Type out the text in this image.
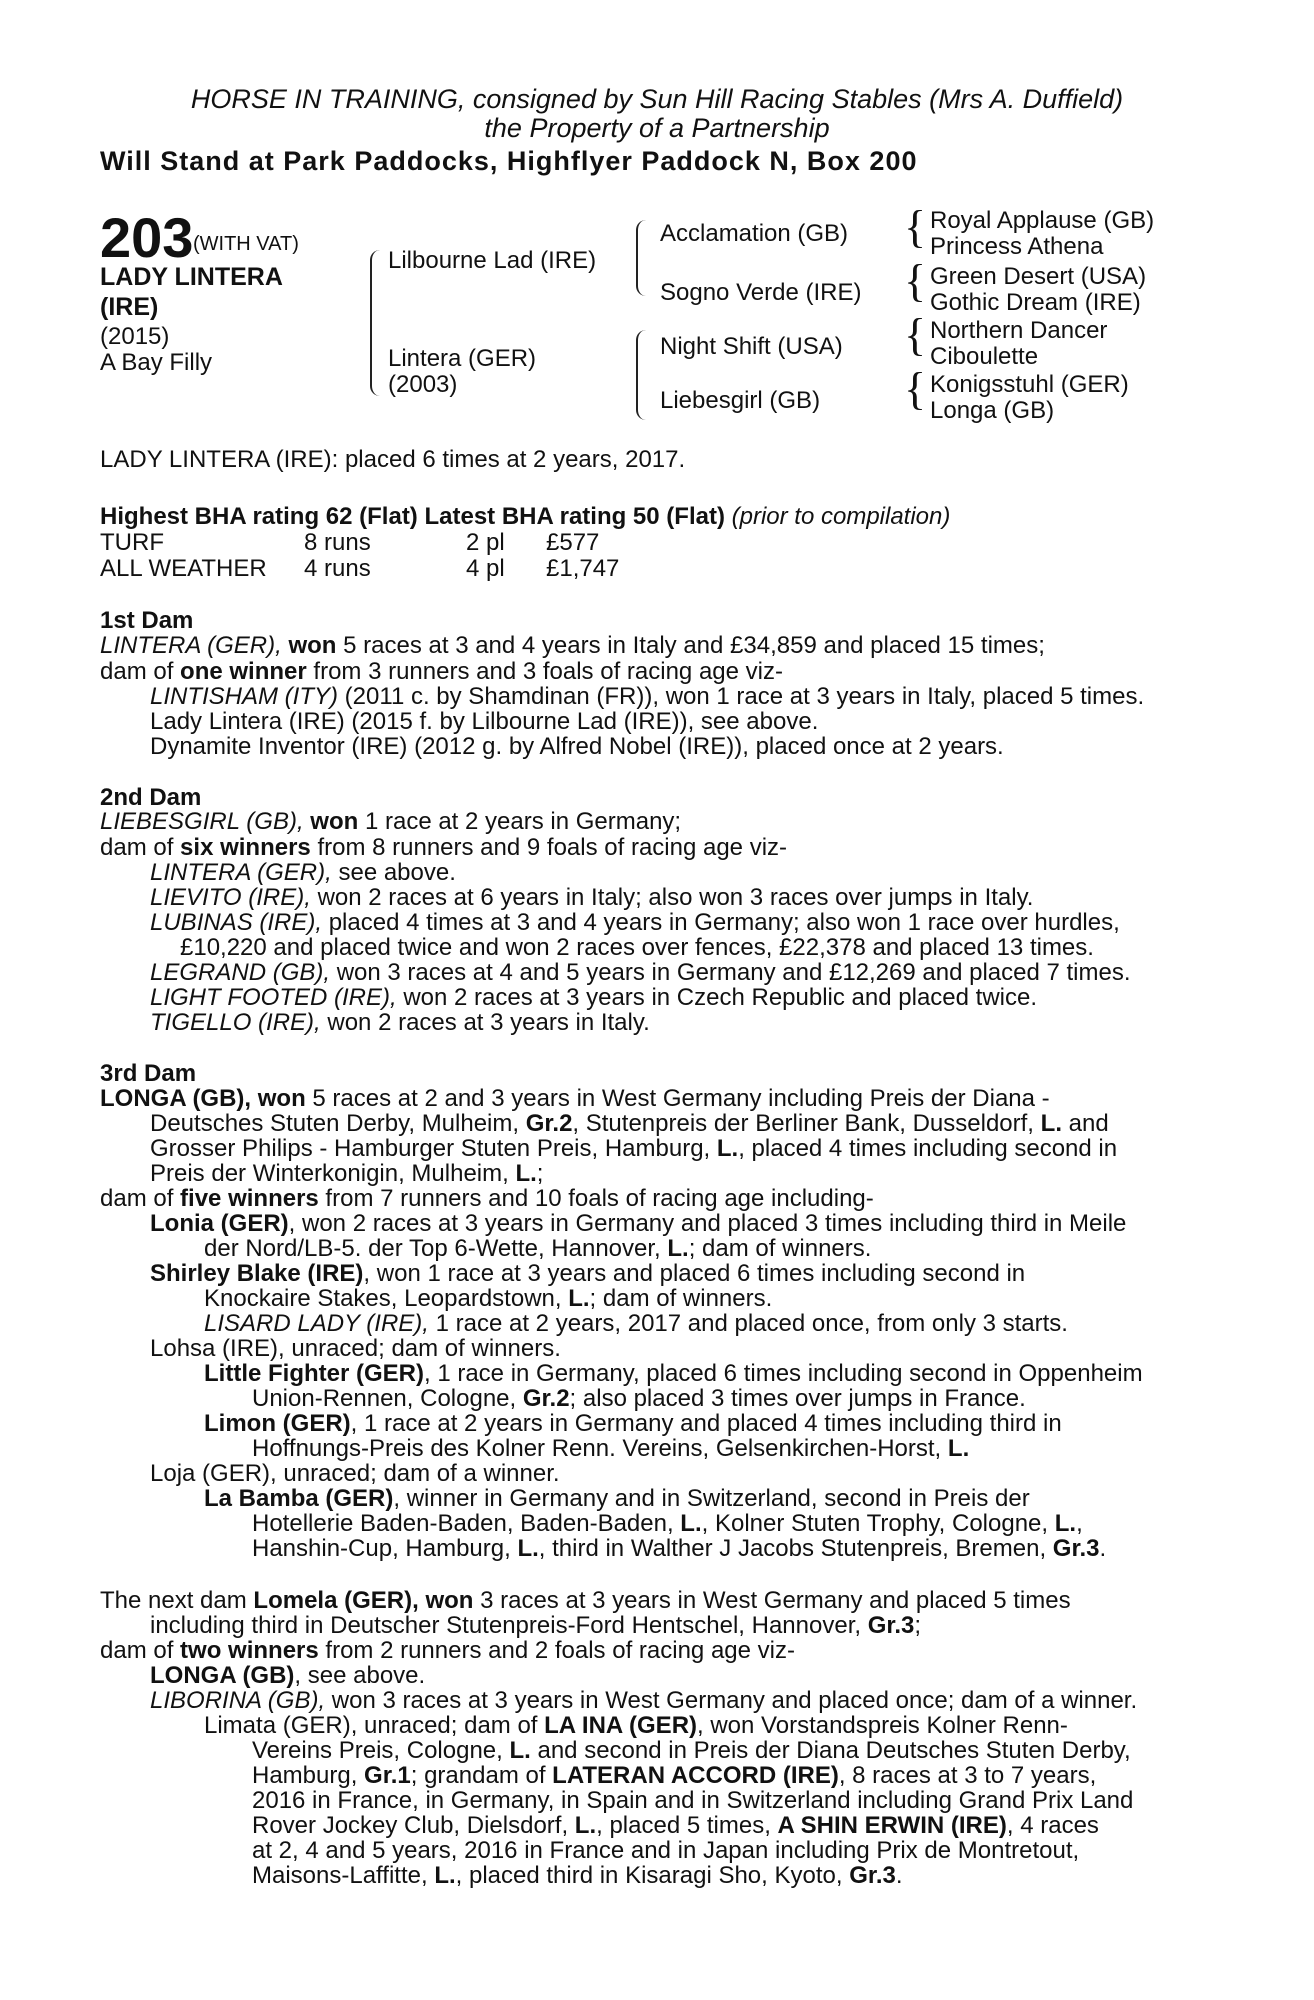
HORSE IN TRAINING, consigned by Sun Hill Racing Stables (Mrs A. Duffield)
the Property of a Partnership
Will Stand at Park Paddocks, Highflyer Paddock N, Box 200
203 (WITH VAT)
LADY LINTERA
(IRE)
(2015)
A Bay Filly
Lilbourne Lad (IRE)
Lintera (GER)
(2003)
Acclamation (GB)
Sogno Verde (IRE)
Night Shift (USA)
Liebesgirl (GB)
{
{
{
{
Royal Applause (GB)
Princess Athena
Green Desert (USA)
Gothic Dream (IRE)
Northern Dancer
Ciboulette
Konigsstuhl (GER)
Longa (GB)
LADY LINTERA (IRE): placed 6 times at 2 years, 2017.
Highest BHA rating 62 (Flat) Latest BHA rating 50 (Flat) (prior to compilation)
TURF	8 runs	2 pl £577
ALL WEATHER 4 runs	4 pl £1,747
1st Dam
LINTERA (GER), won 5 races at 3 and 4 years in Italy and £34,859 and placed 15 times;
dam of one winner from 3 runners and 3 foals of racing age viz-
LINTISHAM (ITY) (2011 c. by Shamdinan (FR)), won 1 race at 3 years in Italy, placed 5 times.
Lady Lintera (IRE) (2015 f. by Lilbourne Lad (IRE)), see above.
Dynamite Inventor (IRE) (2012 g. by Alfred Nobel (IRE)), placed once at 2 years.
2nd Dam
LIEBESGIRL (GB), won 1 race at 2 years in Germany;
dam of six winners from 8 runners and 9 foals of racing age viz-
LINTERA (GER), see above.
LIEVITO (IRE), won 2 races at 6 years in Italy; also won 3 races over jumps in Italy.
LUBINAS (IRE), placed 4 times at 3 and 4 years in Germany; also won 1 race over hurdles,
£10,220 and placed twice and won 2 races over fences, £22,378 and placed 13 times.
LEGRAND (GB), won 3 races at 4 and 5 years in Germany and £12,269 and placed 7 times.
LIGHT FOOTED (IRE), won 2 races at 3 years in Czech Republic and placed twice.
TIGELLO (IRE), won 2 races at 3 years in Italy.
3rd Dam
LONGA (GB), won 5 races at 2 and 3 years in West Germany including Preis der Diana -
Deutsches Stuten Derby, Mulheim, Gr.2, Stutenpreis der Berliner Bank, Dusseldorf, L. and
Grosser Philips - Hamburger Stuten Preis, Hamburg, L., placed 4 times including second in
Preis der Winterkonigin, Mulheim, L.;
dam of five winners from 7 runners and 10 foals of racing age including-
Lonia (GER), won 2 races at 3 years in Germany and placed 3 times including third in Meile
der Nord/LB-5. der Top 6-Wette, Hannover, L.; dam of winners.
Shirley Blake (IRE), won 1 race at 3 years and placed 6 times including second in
Knockaire Stakes, Leopardstown, L.; dam of winners.
LISARD LADY (IRE), 1 race at 2 years, 2017 and placed once, from only 3 starts.
Lohsa (IRE), unraced; dam of winners.
Little Fighter (GER), 1 race in Germany, placed 6 times including second in Oppenheim
Union-Rennen, Cologne, Gr.2; also placed 3 times over jumps in France.
Limon (GER), 1 race at 2 years in Germany and placed 4 times including third in
Hoffnungs-Preis des Kolner Renn. Vereins, Gelsenkirchen-Horst, L.
Loja (GER), unraced; dam of a winner.
La Bamba (GER), winner in Germany and in Switzerland, second in Preis der
Hotellerie Baden-Baden, Baden-Baden, L., Kolner Stuten Trophy, Cologne, L.,
Hanshin-Cup, Hamburg, L., third in Walther J Jacobs Stutenpreis, Bremen, Gr.3.
The next dam Lomela (GER), won 3 races at 3 years in West Germany and placed 5 times
including third in Deutscher Stutenpreis-Ford Hentschel, Hannover, Gr.3;
dam of two winners from 2 runners and 2 foals of racing age viz-
LONGA (GB), see above.
LIBORINA (GB), won 3 races at 3 years in West Germany and placed once; dam of a winner.
Limata (GER), unraced; dam of LA INA (GER), won Vorstandspreis Kolner Renn-
Vereins Preis, Cologne, L. and second in Preis der Diana Deutsches Stuten Derby,
Hamburg, Gr.1; grandam of LATERAN ACCORD (IRE), 8 races at 3 to 7 years,
2016 in France, in Germany, in Spain and in Switzerland including Grand Prix Land
Rover Jockey Club, Dielsdorf, L., placed 5 times, A SHIN ERWIN (IRE), 4 races
at 2, 4 and 5 years, 2016 in France and in Japan including Prix de Montretout,
Maisons-Laffitte, L., placed third in Kisaragi Sho, Kyoto, Gr.3.
